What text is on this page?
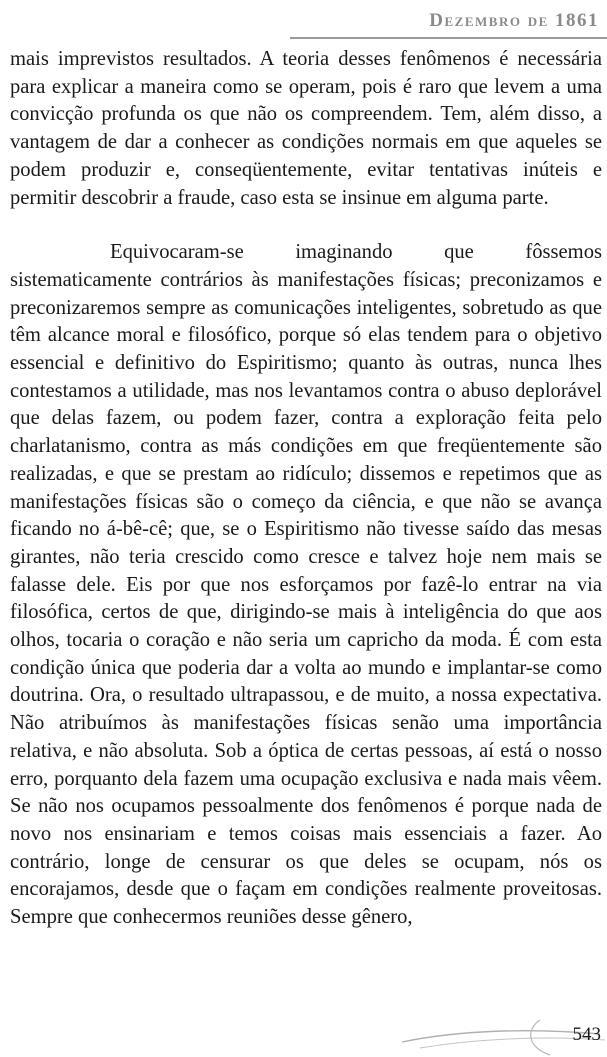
Dezembro de 1861

mais imprevistos resultados. A teoria desses fenômenos é necessária para explicar a maneira como se operam, pois é raro que levem a uma convicção profunda os que não os compreendem. Tem, além disso, a vantagem de dar a conhecer as condições normais em que aqueles se podem produzir e, conseqüentemente, evitar tentativas inúteis e permitir descobrir a fraude, caso esta se insinue em alguma parte.

Equivocaram-se imaginando que fôssemos sistematicamente contrários às manifestações físicas; preconizamos e preconizaremos sempre as comunicações inteligentes, sobretudo as que têm alcance moral e filosófico, porque só elas tendem para o objetivo essencial e definitivo do Espiritismo; quanto às outras, nunca lhes contestamos a utilidade, mas nos levantamos contra o abuso deplorável que delas fazem, ou podem fazer, contra a exploração feita pelo charlatanismo, contra as más condições em que freqüentemente são realizadas, e que se prestam ao ridículo; dissemos e repetimos que as manifestações físicas são o começo da ciência, e que não se avança ficando no á-bê-cê; que, se o Espiritismo não tivesse saído das mesas girantes, não teria crescido como cresce e talvez hoje nem mais se falasse dele. Eis por que nos esforçamos por fazê-lo entrar na via filosófica, certos de que, dirigindo-se mais à inteligência do que aos olhos, tocaria o coração e não seria um capricho da moda. É com esta condição única que poderia dar a volta ao mundo e implantar-se como doutrina. Ora, o resultado ultrapassou, e de muito, a nossa expectativa. Não atribuímos às manifestações físicas senão uma importância relativa, e não absoluta. Sob a óptica de certas pessoas, aí está o nosso erro, porquanto dela fazem uma ocupação exclusiva e nada mais vêem. Se não nos ocupamos pessoalmente dos fenômenos é porque nada de novo nos ensinariam e temos coisas mais essenciais a fazer. Ao contrário, longe de censurar os que deles se ocupam, nós os encorajamos, desde que o façam em condições realmente proveitosas. Sempre que conhecermos reuniões desse gênero,

543
